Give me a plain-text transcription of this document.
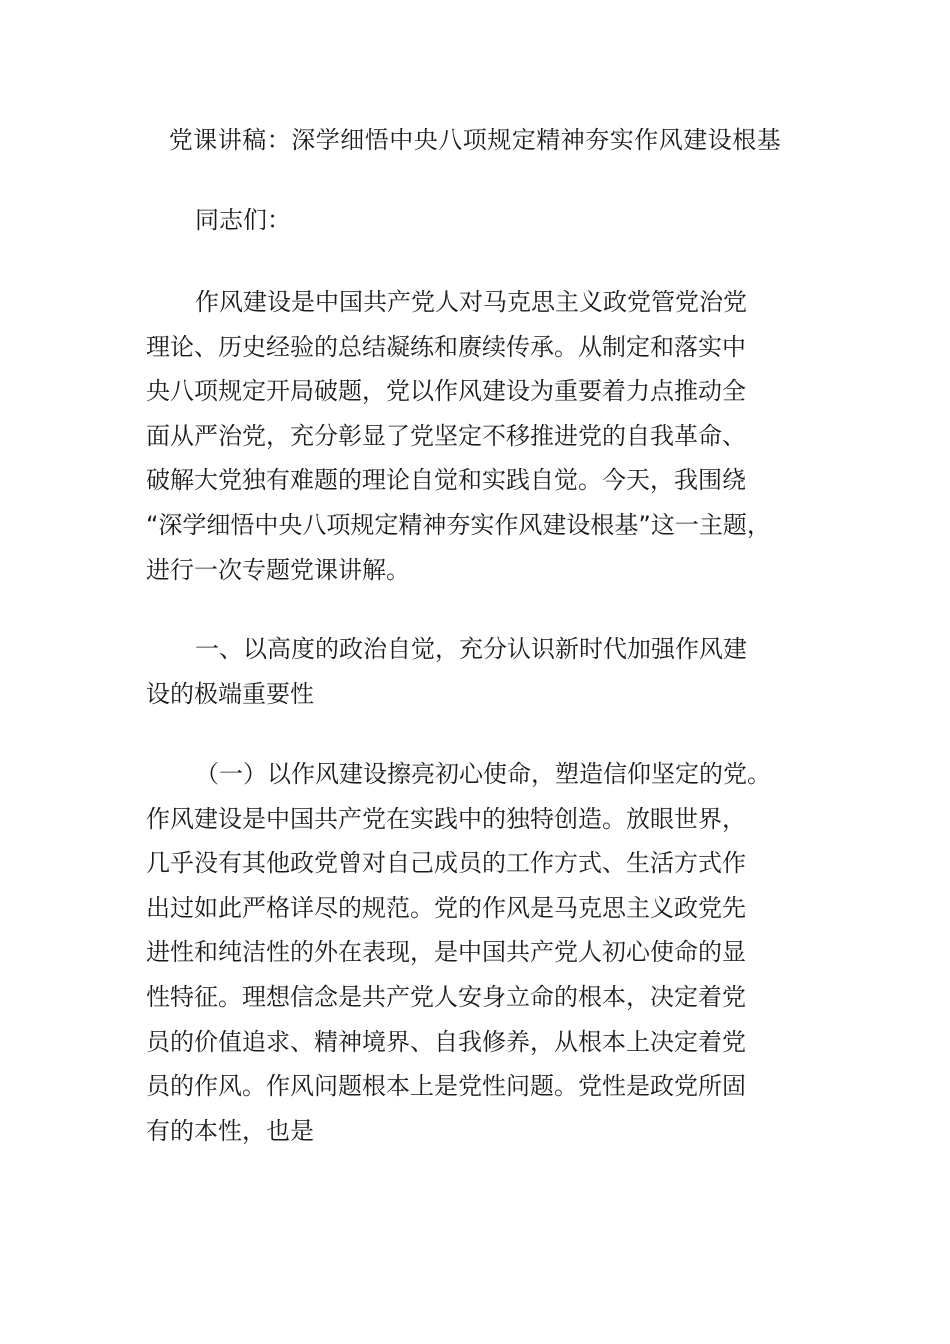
党课讲稿：深学细悟中央八项规定精神夯实作风建设根基

同志们：

作风建设是中国共产党人对马克思主义政党管党治党
理论、历史经验的总结凝练和赓续传承。从制定和落实中
央八项规定开局破题，党以作风建设为重要着力点推动全
面从严治党，充分彰显了党坚定不移推进党的自我革命、
破解大党独有难题的理论自觉和实践自觉。今天，我围绕
“深学细悟中央八项规定精神夯实作风建设根基”这一主题，
进行一次专题党课讲解。

一、以高度的政治自觉，充分认识新时代加强作风建
设的极端重要性

（一）以作风建设擦亮初心使命，塑造信仰坚定的党。
作风建设是中国共产党在实践中的独特创造。放眼世界，
几乎没有其他政党曾对自己成员的工作方式、生活方式作
出过如此严格详尽的规范。党的作风是马克思主义政党先
进性和纯洁性的外在表现，是中国共产党人初心使命的显
性特征。理想信念是共产党人安身立命的根本，决定着党
员的价值追求、精神境界、自我修养，从根本上决定着党
员的作风。作风问题根本上是党性问题。党性是政党所固
有的本性，也是
